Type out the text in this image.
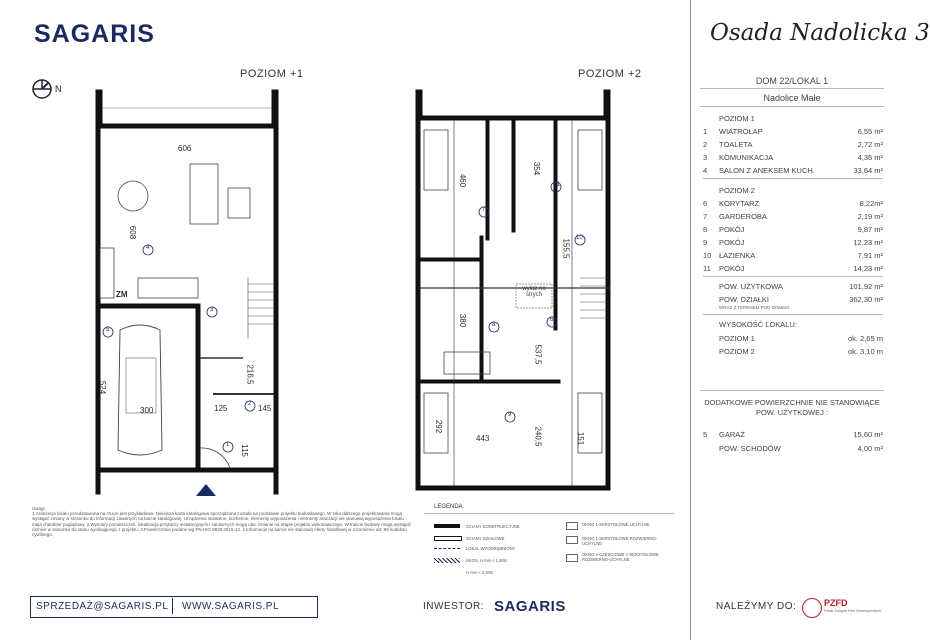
SAGARIS	Osada Nadolicka 3
N
POZIOM +1	POZIOM +2
606
608
524
300
216,5
125	145
115
ZM
1
2
3
4
5
460
354
155,5
380
537,5
292
443	240,5	151
wyłaz na strych
6
7
8
9
10
11
DOM 22/LOKAL 1
Nadolice Małe
POZIOM 1
1 WIATROŁAP	6,55 m²
2 TOALETA	2,72 m²
3 KOMUNIKACJA	4,36 m²
4 SALON Z ANEKSEM KUCH.	33,64 m²
POZIOM 2
6 KORYTARZ	8,22m²
7 GARDEROBA	2,19 m²
8 POKÓJ	9,87 m²
9 POKÓJ	12,23 m²
10 ŁAZIENKA	7,91 m²
11 POKÓJ	14,23 m²
POW. UŻYTKOWA	101,92 m²
POW. DZIAŁKI	362,30 m²
WRAZ Z TERENEM POD DOMEM
WYSOKOŚĆ LOKALU:
POZIOM 1	ok. 2,65 m
POZIOM 2	ok. 3,10 m
DODATKOWE POWIERZCHNIE NIE STANOWIĄCE POW. UŻYTKOWEJ :
5 GARAŻ	15,60 m²
POW. SCHODÓW	4,00 m²
Uwagi:
1.Aranżacja lokalu przedstawiona na rzucie jest przykładowa. Niniejsza karta katalogowa sporządzona została na podstawie projektu budowlanego. W toku dalszego projektowania mogą wystąpić zmiany w stosunku do informacji zawartych na karcie katalogowej. Urządzenia sanitarne, kuchenne, elementy wyposażenia i elementy aranżacji nie stanowią wyposażenia lokalu - mają charakter poglądowy. 2.Wymiary pomieszczeń, lokalizacja przyłączy instalacyjnych i sanitarnych mogą ulec zmianie na etapie projektu wykonawczego. W trakcie budowy mogą wystąpić różnice w stosunku do stanu wynikającego z projektu. 3.Powierzchnie podane wg PN-ISO 9836:2015-12. 4.Informacje na karcie nie stanowią oferty handlowej w rozumieniu art. 66 kodeksu cywilnego.
LEGENDA
ŚCIANY KONSTRUKCYJNE
ŚCIANY DZIAŁOWE
LOKAL WYODRĘBNIONY
SKOS, H min < 1,90m
H min < 2,20m
OKNO 1-SKRZYDŁOWE UCHYLNE
OKNO 1-SKRZYDŁOWE ROZWIERNO-UCHYLNE
OKNO 2-CZĘŚCIOWE 1-SKRZYDŁOWE ROZWIERNO-UCHYLNE
SPRZEDAŻ@SAGARIS.PL WWW.SAGARIS.PL	INWESTOR: SAGARIS	NALEŻYMY DO:	PZFD
Polski Związek Firm Deweloperskich
